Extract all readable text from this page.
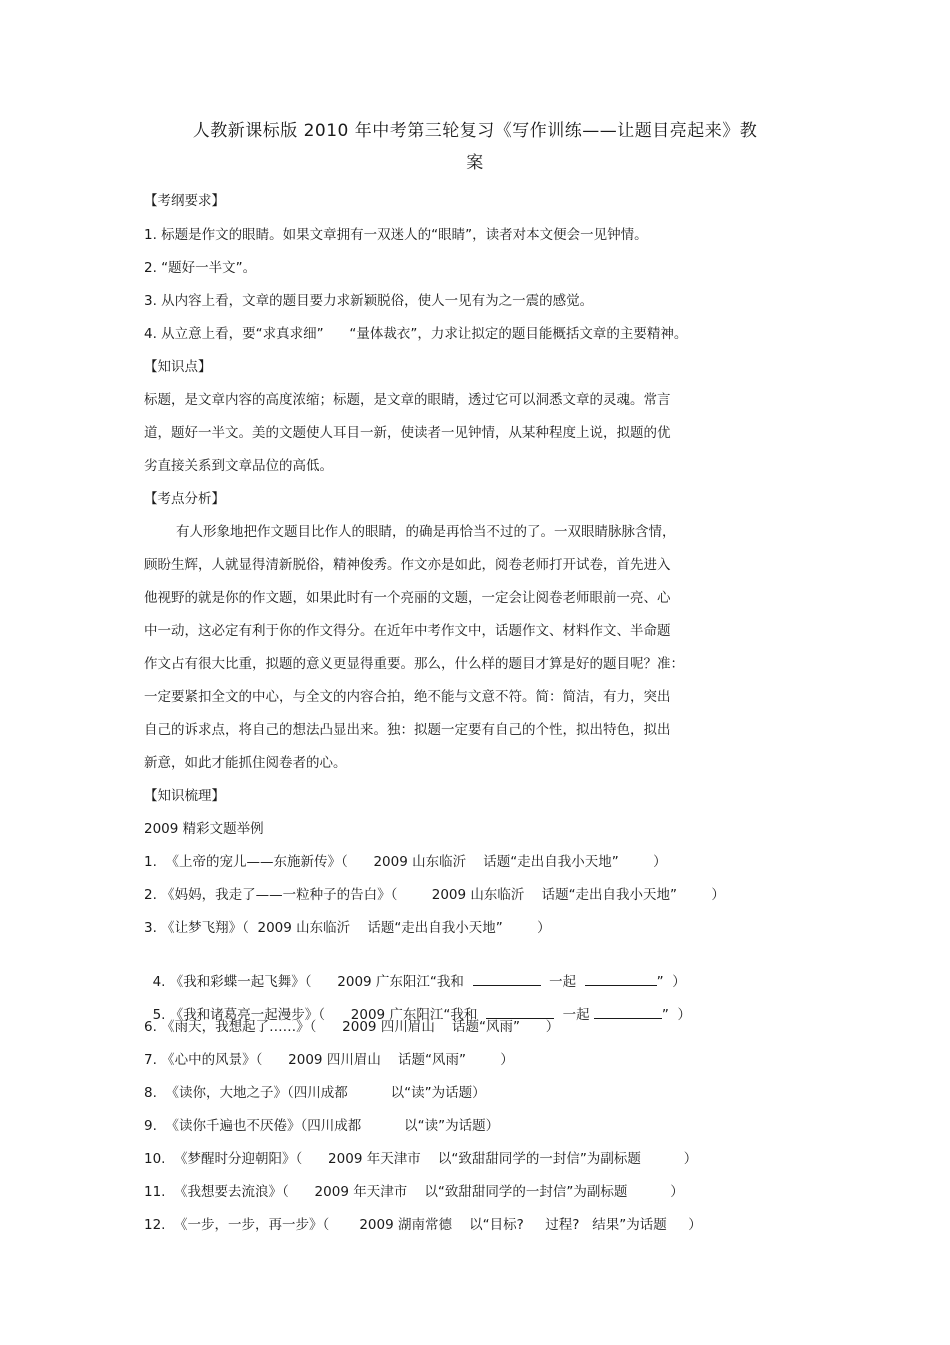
人教新课标版 2010 年中考第三轮复习《写作训练——让题目亮起来》教
案
【考纲要求】
1. 标题是作文的眼睛。如果文章拥有一双迷人的“眼睛”，读者对本文便会一见钟情。
2. “题好一半文”。
3. 从内容上看，文章的题目要力求新颖脱俗，使人一见有为之一震的感觉。
4. 从立意上看，要“求真求细”      “量体裁衣”，力求让拟定的题目能概括文章的主要精神。
【知识点】
标题，是文章内容的高度浓缩；标题，是文章的眼睛，透过它可以洞悉文章的灵魂。常言
道，题好一半文。美的文题使人耳目一新，使读者一见钟情，从某种程度上说，拟题的优
劣直接关系到文章品位的高低。
【考点分析】
有人形象地把作文题目比作人的眼睛，的确是再恰当不过的了。一双眼睛脉脉含情，
顾盼生辉，人就显得清新脱俗，精神俊秀。作文亦是如此，阅卷老师打开试卷，首先进入
他视野的就是你的作文题，如果此时有一个亮丽的文题，一定会让阅卷老师眼前一亮、心
中一动，这必定有利于你的作文得分。在近年中考作文中，话题作文、材料作文、半命题
作文占有很大比重，拟题的意义更显得重要。那么，什么样的题目才算是好的题目呢？准：
一定要紧扣全文的中心，与全文的内容合拍，绝不能与文意不符。简：简洁，有力，突出
自己的诉求点，将自己的想法凸显出来。独：拟题一定要有自己的个性，拟出特色，拟出
新意，如此才能抓住阅卷者的心。
【知识梳理】
2009 精彩文题举例
1.  《上帝的宠儿——东施新传》（      2009 山东临沂    话题“走出自我小天地”        ）
2. 《妈妈，我走了——一粒种子的告白》（        2009 山东临沂    话题“走出自我小天地”        ）
3. 《让梦飞翔》（  2009 山东临沂    话题“走出自我小天地”        ）

4. 《我和彩蝶一起飞舞》（      2009 广东阳江“我和	一起	”  ）

5. 《我和诸葛亮一起漫步》（      2009 广东阳江“我和	一起	”  ）

6. 《雨天，我想起了……》（      2009 四川眉山    话题“风雨”      ）
7. 《心中的风景》（      2009 四川眉山    话题“风雨”        ）
8.  《读你，大地之子》（四川成都          以“读”为话题）
9.  《读你千遍也不厌倦》（四川成都          以“读”为话题）
10.  《梦醒时分迎朝阳》（      2009 年天津市    以“致甜甜同学的一封信”为副标题          ）
11.  《我想要去流浪》（      2009 年天津市    以“致甜甜同学的一封信”为副标题          ）
12.  《一步，一步，再一步》（       2009 湖南常德    以“目标?     过程?   结果”为话题     ）
